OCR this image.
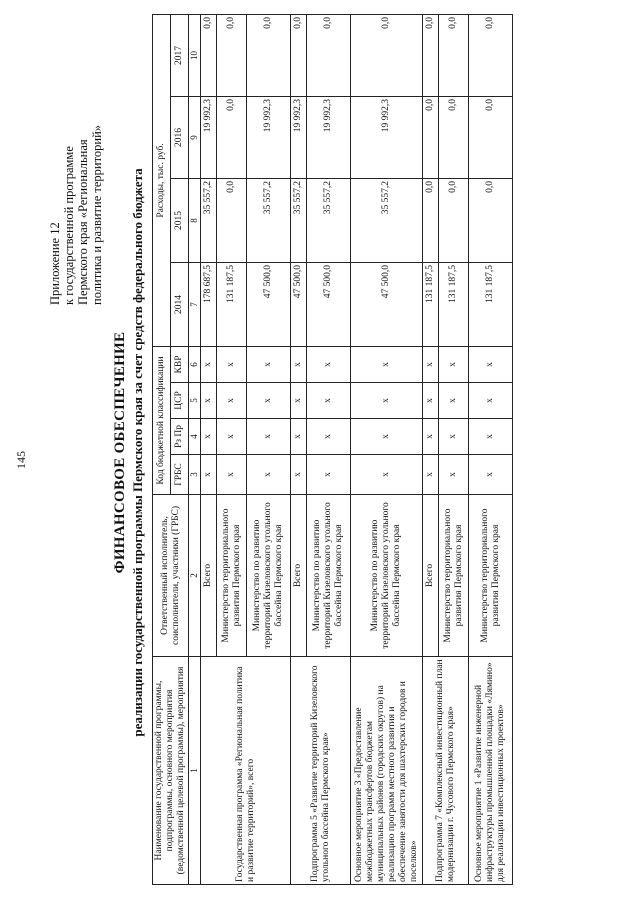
145
Приложение 12 к государственной программе Пермского края «Региональная политика и развитие территорий»
ФИНАНСОВОЕ ОБЕСПЕЧЕНИЕ реализации государственной программы Пермского края за счет средств федерального бюджета
Наименование государственной программы, подпрограммы, основного мероприятия (ведомственной целевой программы), мероприятия	Ответственный исполнитель, соисполнители, участники (ГРБС)	Код бюджетной классификации				Расходы, тыс. руб.			
		ГРБС	Рз Пр	ЦСР	КВР	2014	2015	2016	2017
1	2	3	4	5	6	7	8	9	10
Государственная программа «Региональная политика и развитие территорий», всего	Всего	х	х	х	х	178 687,5	35 557,2	19 992,3	0,0
	Министерство территориального развития Пермского края	х	х	х	х	131 187,5	0,0	0,0	0,0
	Министерство по развитию территорий Кизеловского угольного бассейна Пермского края	х	х	х	х	47 500,0	35 557,2	19 992,3	0,0
Подпрограмма 5 «Развитие территорий Кизеловского угольного бассейна Пермского края»	Всего	х	х	х	х	47 500,0	35 557,2	19 992,3	0,0
	Министерство по развитию территорий Кизеловского угольного бассейна Пермского края	х	х	х	х	47 500,0	35 557,2	19 992,3	0,0
Основное мероприятие 3 «Предоставление межбюджетных трансфертов бюджетам муниципальных районов (городских округов) на реализацию программ местного развития и обеспечение занятости для шахтерских городов и поселков»	Министерство по развитию территорий Кизеловского угольного бассейна Пермского края	х	х	х	х	47 500,0	35 557,2	19 992,3	0,0
Подпрограмма 7 «Комплексный инвестиционный план модернизации г. Чусового Пермского края»	Всего	х	х	х	х	131 187,5	0,0	0,0	0,0
	Министерство территориального развития Пермского края	х	х	х	х	131 187,5	0,0	0,0	0,0
Основное мероприятие 1 «Развитие инженерной инфраструктуры промышленной площадки «Лямино» для реализации инвестиционных проектов»	Министерство территориального развития Пермского края	х	х	х	х	131 187,5	0,0	0,0	0,0
